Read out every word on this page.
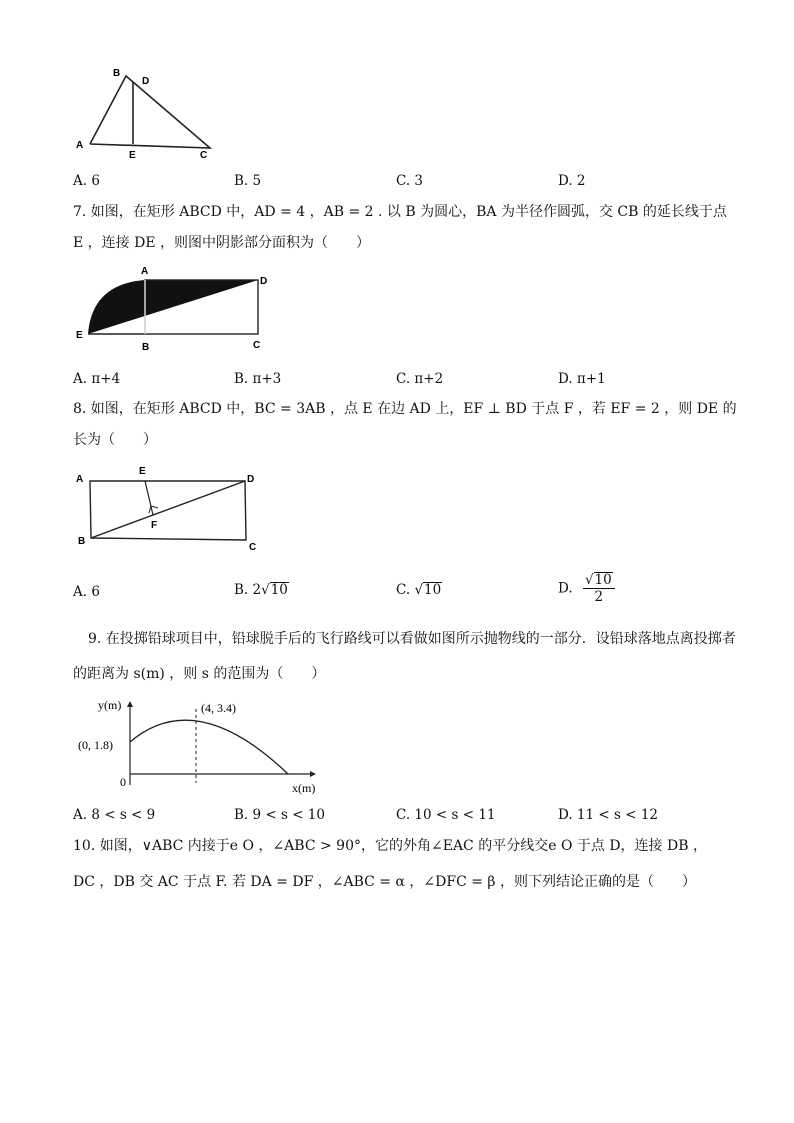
B
D
A
E	C
A. 6	B. 5	C. 3	D. 2
7. 如图，在矩形 ABCD 中，AD = 4 ，AB = 2 . 以 B 为圆心，BA 为半径作圆弧，交 CB 的延长线于点
E ，连接 DE ，则图中阴影部分面积为（　　）
A
D
E
B	C
A. π+4	B. π+3	C. π+2	D. π+1
8. 如图，在矩形 ABCD 中，BC = 3AB ，点 E 在边 AD 上，EF ⊥ BD 于点 F ，若 EF = 2 ，则 DE 的
长为（　　）
A
E
D
F
B
C
A. 6	B. 2√10	C. √10	D. $\frac{√10}{2}$
9. 在投掷铅球项目中，铅球脱手后的飞行路线可以看做如图所示抛物线的一部分．设铅球落地点离投掷者
的距离为 s(m) ，则 s 的范围为（　　）
y(m)	(4, 3.4)
(0, 1.8)
0	x(m)
A. 8 < s < 9	B. 9 < s < 10	C. 10 < s < 11	D. 11 < s < 12
10. 如图，∨ABC 内接于e O ，∠ABC > 90°，它的外角∠EAC 的平分线交e O 于点 D，连接 DB ，
DC ，DB 交 AC 于点 F. 若 DA = DF ，∠ABC = α ，∠DFC = β ，则下列结论正确的是（　　）
